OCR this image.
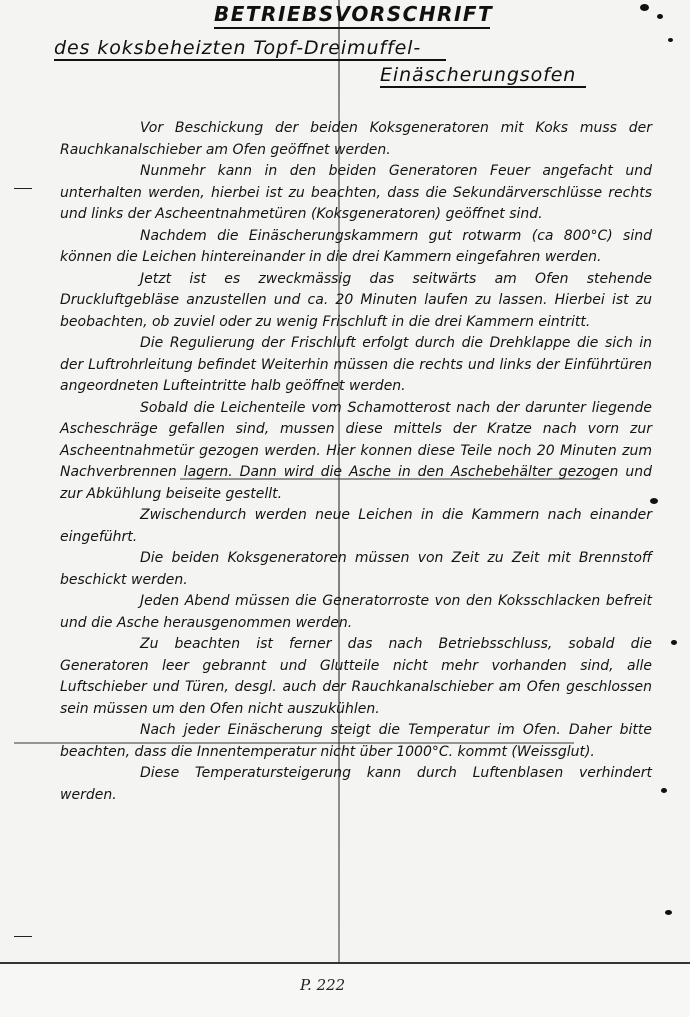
BETRIEBSVORSCHRIFT
des koksbeheizten Topf-Dreimuffel-
Einäscherungsofen

Vor Beschickung der beiden Koksgeneratoren mit Koks muss der Rauchkanalschieber am Ofen geöffnet werden.

Nunmehr kann in den beiden Generatoren Feuer angefacht und unterhalten werden, hierbei ist zu beachten, dass die Sekundärverschlüsse rechts und links der Ascheentnahmetüren (Koksgeneratoren) geöffnet sind.

Nachdem die Einäscherungskammern gut rotwarm (ca 800°C) sind können die Leichen hintereinander in die drei Kammern eingefahren werden.

Jetzt ist es zweckmässig das seitwärts am Ofen stehende Druckluftgebläse anzustellen und ca. 20 Minuten laufen zu lassen. Hierbei ist zu beobachten, ob zuviel oder zu wenig Frischluft in die drei Kammern eintritt.

Die Regulierung der Frischluft erfolgt durch die Drehklappe die sich in der Luftrohrleitung befindet Weiterhin müssen die rechts und links der Einführtüren angeordneten Lufteintritte halb geöffnet werden.

Sobald die Leichenteile vom Schamotterost nach der darunter liegende Ascheschräge gefallen sind, mussen diese mittels der Kratze nach vorn zur Ascheentnahmetür gezogen werden. Hier konnen diese Teile noch 20 Minuten zum Nachverbrennen lagern. Dann wird die Asche in den Aschebehälter gezogen und zur Abkühlung beiseite gestellt.

Zwischendurch werden neue Leichen in die Kammern nach einander eingeführt.

Die beiden Koksgeneratoren müssen von Zeit zu Zeit mit Brennstoff beschickt werden.

Jeden Abend müssen die Generatorroste von den Koksschlacken befreit und die Asche herausgenommen werden.

Zu beachten ist ferner das nach Betriebsschluss, sobald die Generatoren leer gebrannt und Glutteile nicht mehr vorhanden sind, alle Luftschieber und Türen, desgl. auch der Rauchkanalschieber am Ofen geschlossen sein müssen um den Ofen nicht auszukühlen.

Nach jeder Einäscherung steigt die Temperatur im Ofen. Daher bitte beachten, dass die Innentemperatur nicht über 1000°C. kommt (Weissglut).

Diese Temperatursteigerung kann durch Luftenblasen verhindert werden.

P. 222
